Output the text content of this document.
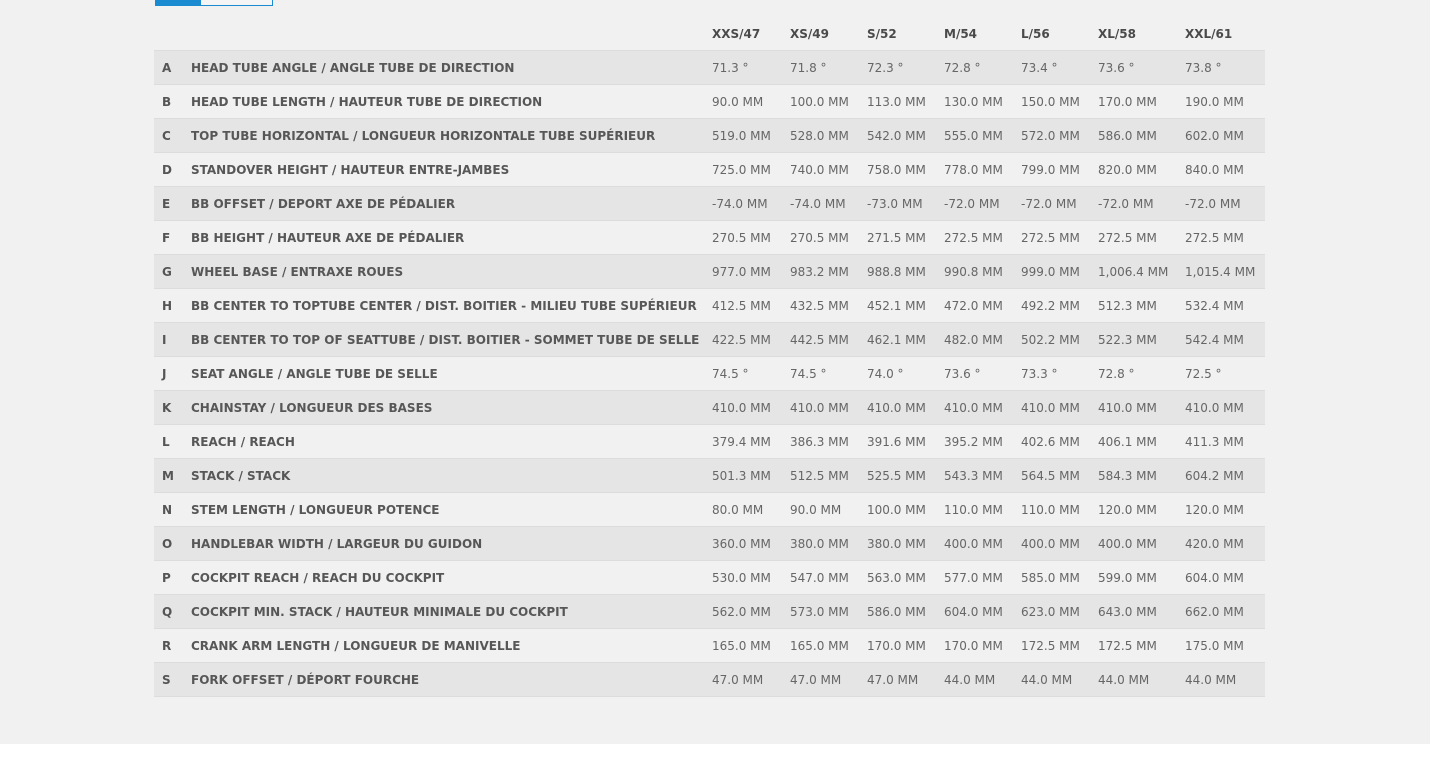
		XXS/47	XS/49	S/52	M/54	L/56	XL/58	XXL/61
A	HEAD TUBE ANGLE / ANGLE TUBE DE DIRECTION	71.3 °	71.8 °	72.3 °	72.8 °	73.4 °	73.6 °	73.8 °
B	HEAD TUBE LENGTH / HAUTEUR TUBE DE DIRECTION	90.0 MM	100.0 MM	113.0 MM	130.0 MM	150.0 MM	170.0 MM	190.0 MM
C	TOP TUBE HORIZONTAL / LONGUEUR HORIZONTALE TUBE SUPÉRIEUR	519.0 MM	528.0 MM	542.0 MM	555.0 MM	572.0 MM	586.0 MM	602.0 MM
D	STANDOVER HEIGHT / HAUTEUR ENTRE-JAMBES	725.0 MM	740.0 MM	758.0 MM	778.0 MM	799.0 MM	820.0 MM	840.0 MM
E	BB OFFSET / DEPORT AXE DE PÉDALIER	-74.0 MM	-74.0 MM	-73.0 MM	-72.0 MM	-72.0 MM	-72.0 MM	-72.0 MM
F	BB HEIGHT / HAUTEUR AXE DE PÉDALIER	270.5 MM	270.5 MM	271.5 MM	272.5 MM	272.5 MM	272.5 MM	272.5 MM
G	WHEEL BASE / ENTRAXE ROUES	977.0 MM	983.2 MM	988.8 MM	990.8 MM	999.0 MM	1,006.4 MM	1,015.4 MM
H	BB CENTER TO TOPTUBE CENTER / DIST. BOITIER - MILIEU TUBE SUPÉRIEUR	412.5 MM	432.5 MM	452.1 MM	472.0 MM	492.2 MM	512.3 MM	532.4 MM
I	BB CENTER TO TOP OF SEATTUBE / DIST. BOITIER - SOMMET TUBE DE SELLE	422.5 MM	442.5 MM	462.1 MM	482.0 MM	502.2 MM	522.3 MM	542.4 MM
J	SEAT ANGLE / ANGLE TUBE DE SELLE	74.5 °	74.5 °	74.0 °	73.6 °	73.3 °	72.8 °	72.5 °
K	CHAINSTAY / LONGUEUR DES BASES	410.0 MM	410.0 MM	410.0 MM	410.0 MM	410.0 MM	410.0 MM	410.0 MM
L	REACH / REACH	379.4 MM	386.3 MM	391.6 MM	395.2 MM	402.6 MM	406.1 MM	411.3 MM
M	STACK / STACK	501.3 MM	512.5 MM	525.5 MM	543.3 MM	564.5 MM	584.3 MM	604.2 MM
N	STEM LENGTH / LONGUEUR POTENCE	80.0 MM	90.0 MM	100.0 MM	110.0 MM	110.0 MM	120.0 MM	120.0 MM
O	HANDLEBAR WIDTH / LARGEUR DU GUIDON	360.0 MM	380.0 MM	380.0 MM	400.0 MM	400.0 MM	400.0 MM	420.0 MM
P	COCKPIT REACH / REACH DU COCKPIT	530.0 MM	547.0 MM	563.0 MM	577.0 MM	585.0 MM	599.0 MM	604.0 MM
Q	COCKPIT MIN. STACK / HAUTEUR MINIMALE DU COCKPIT	562.0 MM	573.0 MM	586.0 MM	604.0 MM	623.0 MM	643.0 MM	662.0 MM
R	CRANK ARM LENGTH / LONGUEUR DE MANIVELLE	165.0 MM	165.0 MM	170.0 MM	170.0 MM	172.5 MM	172.5 MM	175.0 MM
S	FORK OFFSET / DÉPORT FOURCHE	47.0 MM	47.0 MM	47.0 MM	44.0 MM	44.0 MM	44.0 MM	44.0 MM
